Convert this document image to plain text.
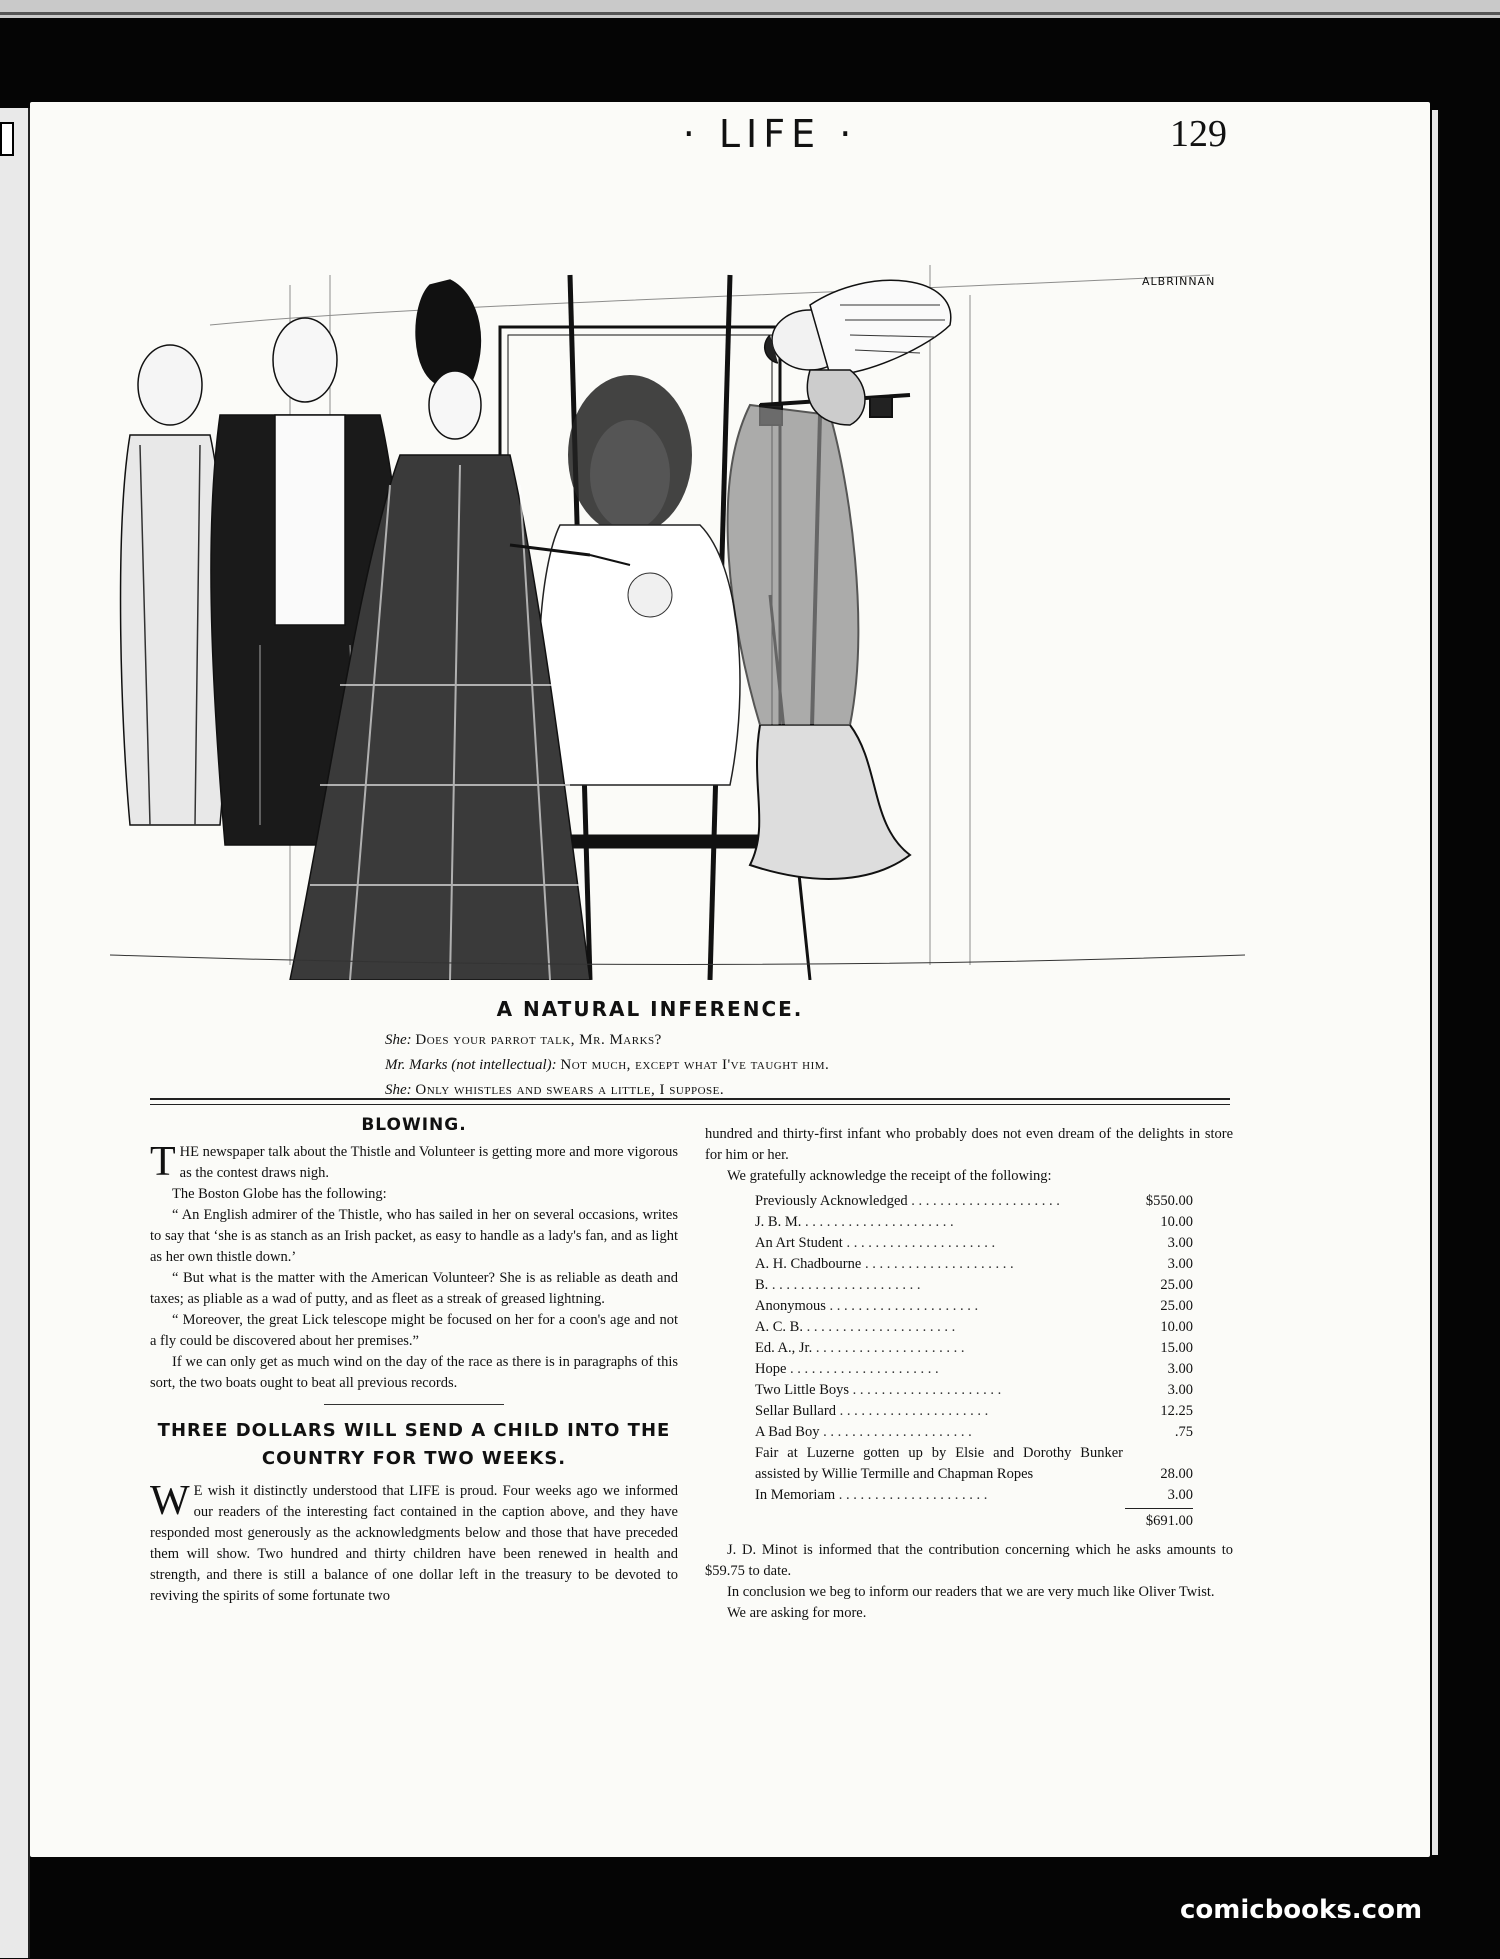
· LIFE ·	129
ALBRINNAN
A NATURAL INFERENCE.
She: Does your parrot talk, Mr. Marks?
Mr. Marks (not intellectual): Not much, except what I've taught him.
She: Only whistles and swears a little, I suppose.

BLOWING.

THE newspaper talk about the Thistle and Volunteer is getting more and more vigorous as the contest draws nigh.

The Boston Globe has the following:

“ An English admirer of the Thistle, who has sailed in her on several occasions, writes to say that ‘she is as stanch as an Irish packet, as easy to handle as a lady's fan, and as light as her own thistle down.’

“ But what is the matter with the American Volunteer? She is as reliable as death and taxes; as pliable as a wad of putty, and as fleet as a streak of greased lightning.

“ Moreover, the great Lick telescope might be focused on her for a coon's age and not a fly could be discovered about her premises.”

If we can only get as much wind on the day of the race as there is in paragraphs of this sort, the two boats ought to beat all previous records.

THREE DOLLARS WILL SEND A CHILD INTO THE COUNTRY FOR TWO WEEKS.

W E wish it distinctly understood that LIFE is proud. Four weeks ago we informed our readers of the interesting fact contained in the caption above, and they have responded most generously as the acknowledgments below and those that have preceded them will show. Two hundred and thirty children have been renewed in health and strength, and there is still a balance of one dollar left in the treasury to be devoted to reviving the spirits of some fortunate two

hundred and thirty-first infant who probably does not even dream of the delights in store for him or her.

We gratefully acknowledge the receipt of the following:

Previously Acknowledged . .	$550.00
J. B. M. . .	10.00
An Art Student . .	3.00
A. H. Chadbourne . .	3.00
B. . .	25.00
Anonymous . .	25.00
A. C. B. . .	10.00
Ed. A., Jr. . .	15.00
Hope . .	3.00
Two Little Boys . .	3.00
Sellar Bullard . .	12.25
A Bad Boy . .	.75
Fair at Luzerne gotten up by Elsie and Dorothy Bunker assisted by Willie Termille and Chapman Ropes	28.00
In Memoriam . .	3.00
$691.00

J. D. Minot is informed that the contribution concerning which he asks amounts to $59.75 to date.

In conclusion we beg to inform our readers that we are very much like Oliver Twist.

We are asking for more.

comicbooks.com
